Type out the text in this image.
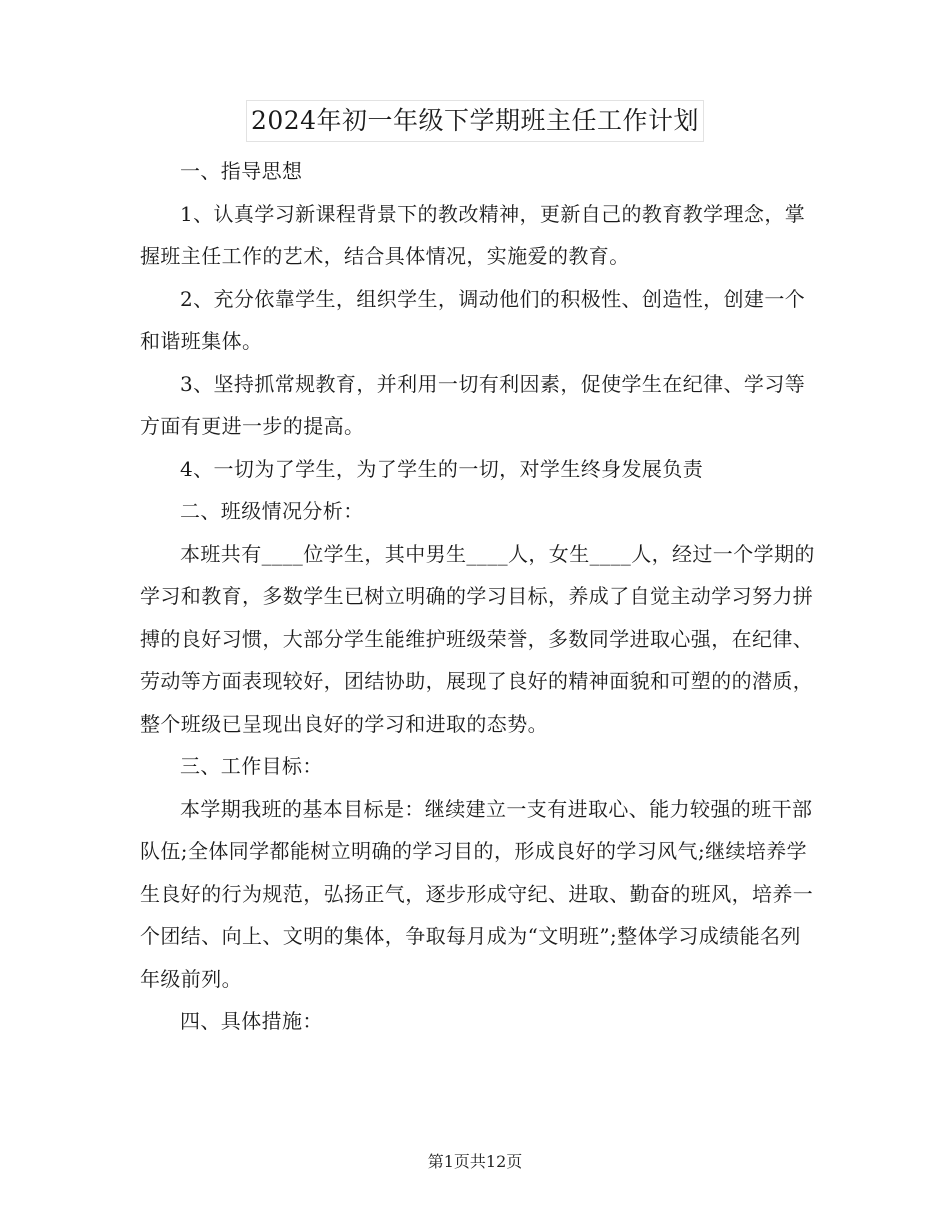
2024年初一年级下学期班主任工作计划

一、指导思想

1、认真学习新课程背景下的教改精神，更新自己的教育教学理念，掌握班主任工作的艺术，结合具体情况，实施爱的教育。

2、充分依靠学生，组织学生，调动他们的积极性、创造性，创建一个和谐班集体。

3、坚持抓常规教育，并利用一切有利因素，促使学生在纪律、学习等方面有更进一步的提高。

4、一切为了学生，为了学生的一切，对学生终身发展负责

二、班级情况分析：

本班共有____位学生，其中男生____人，女生____人，经过一个学期的学习和教育，多数学生已树立明确的学习目标，养成了自觉主动学习努力拼搏的良好习惯，大部分学生能维护班级荣誉，多数同学进取心强，在纪律、劳动等方面表现较好，团结协助，展现了良好的精神面貌和可塑的的潜质，整个班级已呈现出良好的学习和进取的态势。

三、工作目标：

本学期我班的基本目标是：继续建立一支有进取心、能力较强的班干部队伍;全体同学都能树立明确的学习目的，形成良好的学习风气;继续培养学生良好的行为规范，弘扬正气，逐步形成守纪、进取、勤奋的班风，培养一个团结、向上、文明的集体，争取每月成为“文明班”;整体学习成绩能名列年级前列。

四、具体措施：

第1页共12页
